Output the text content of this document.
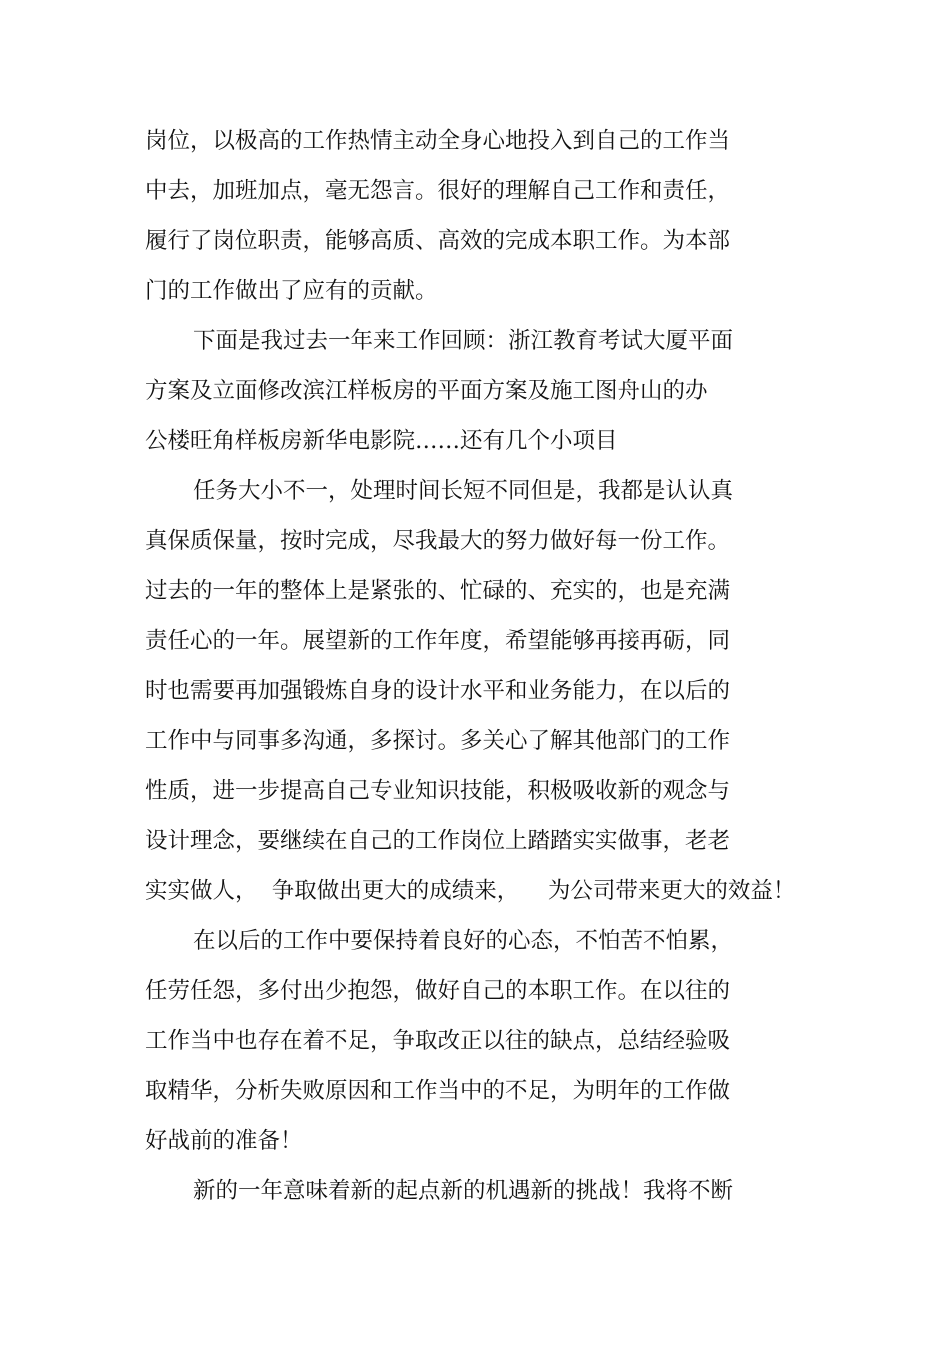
岗位，以极高的工作热情主动全身心地投入到自己的工作当

中去，加班加点，毫无怨言。很好的理解自己工作和责任，

履行了岗位职责，能够高质、高效的完成本职工作。为本部

门的工作做出了应有的贡献。

下面是我过去一年来工作回顾：浙江教育考试大厦平面

方案及立面修改滨江样板房的平面方案及施工图舟山的办

公楼旺角样板房新华电影院……还有几个小项目

任务大小不一，处理时间长短不同但是，我都是认认真

真保质保量，按时完成，尽我最大的努力做好每一份工作。

过去的一年的整体上是紧张的、忙碌的、充实的，也是充满

责任心的一年。展望新的工作年度，希望能够再接再砺，同

时也需要再加强锻炼自身的设计水平和业务能力，在以后的

工作中与同事多沟通，多探讨。多关心了解其他部门的工作

性质，进一步提高自己专业知识技能，积极吸收新的观念与

设计理念，要继续在自己的工作岗位上踏踏实实做事，老老

实实做人，  争取做出更大的成绩来，    为公司带来更大的效益！

在以后的工作中要保持着良好的心态，不怕苦不怕累，

任劳任怨，多付出少抱怨，做好自己的本职工作。在以往的

工作当中也存在着不足，争取改正以往的缺点，总结经验吸

取精华，分析失败原因和工作当中的不足，为明年的工作做

好战前的准备！

新的一年意味着新的起点新的机遇新的挑战！我将不断
